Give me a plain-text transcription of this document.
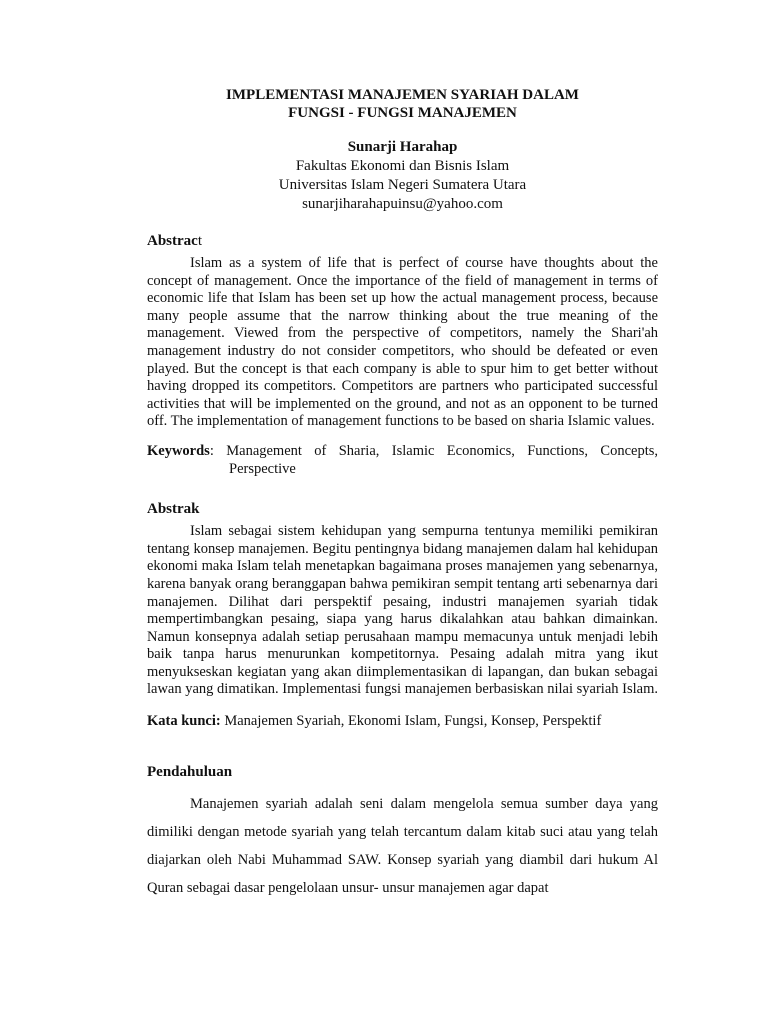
IMPLEMENTASI MANAJEMEN SYARIAH DALAM

FUNGSI - FUNGSI MANAJEMEN

Sunarji Harahap
Fakultas Ekonomi dan Bisnis Islam
Universitas Islam Negeri Sumatera Utara
sunarjiharahapuinsu@yahoo.com

Abstract

Islam as a system of life that is perfect of course have thoughts about the concept of management. Once the importance of the field of management in terms of economic life that Islam has been set up how the actual management process, because many people assume that the narrow thinking about the true meaning of the management. Viewed from the perspective of competitors, namely the Shari'ah management industry do not consider competitors, who should be defeated or even played. But the concept is that each company is able to spur him to get better without having dropped its competitors. Competitors are partners who participated successful activities that will be implemented on the ground, and not as an opponent to be turned off. The implementation of management functions to be based on sharia Islamic values.

Keywords: Management of Sharia, Islamic Economics, Functions, Concepts, Perspective

Abstrak

Islam sebagai sistem kehidupan yang sempurna tentunya memiliki pemikiran tentang konsep manajemen. Begitu pentingnya bidang manajemen dalam hal kehidupan ekonomi maka Islam telah menetapkan bagaimana proses manajemen yang sebenarnya, karena banyak orang beranggapan bahwa pemikiran sempit tentang arti sebenarnya dari manajemen. Dilihat dari perspektif pesaing, industri manajemen syariah tidak mempertimbangkan pesaing, siapa yang harus dikalahkan atau bahkan dimainkan. Namun konsepnya adalah setiap perusahaan mampu memacunya untuk menjadi lebih baik tanpa harus menurunkan kompetitornya. Pesaing adalah mitra yang ikut menyukseskan kegiatan yang akan diimplementasikan di lapangan, dan bukan sebagai lawan yang dimatikan. Implementasi fungsi manajemen berbasiskan nilai syariah Islam.

Kata kunci: Manajemen Syariah, Ekonomi Islam, Fungsi, Konsep, Perspektif

Pendahuluan

Manajemen syariah adalah seni dalam mengelola semua sumber daya yang dimiliki dengan metode syariah yang telah tercantum dalam kitab suci atau yang telah diajarkan oleh Nabi Muhammad SAW. Konsep syariah yang diambil dari hukum Al Quran sebagai dasar pengelolaan unsur- unsur manajemen agar dapat
